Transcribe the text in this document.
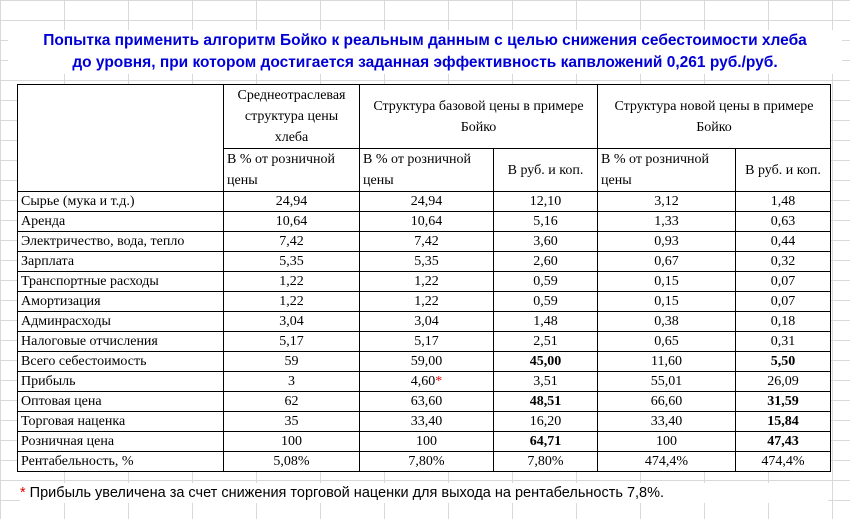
Попытка применить алгоритм Бойко к реальным данным с целью снижения себестоимости хлеба
до уровня, при котором достигается заданная эффективность капвложений 0,261 руб./руб.
	Среднеотраслевая структура цены хлеба	Структура базовой цены в примере Бойко		Структура новой цены в примере Бойко	
	В % от розничной цены	В % от розничной цены	В руб. и коп.	В % от розничной цены	В руб. и коп.
Сырье (мука и т.д.)	24,94	24,94	12,10	3,12	1,48
Аренда	10,64	10,64	5,16	1,33	0,63
Электричество, вода, тепло	7,42	7,42	3,60	0,93	0,44
Зарплата	5,35	5,35	2,60	0,67	0,32
Транспортные расходы	1,22	1,22	0,59	0,15	0,07
Амортизация	1,22	1,22	0,59	0,15	0,07
Админрасходы	3,04	3,04	1,48	0,38	0,18
Налоговые отчисления	5,17	5,17	2,51	0,65	0,31
Всего себестоимость	59	59,00	45,00	11,60	5,50
Прибыль	3	4,60*	3,51	55,01	26,09
Оптовая цена	62	63,60	48,51	66,60	31,59
Торговая наценка	35	33,40	16,20	33,40	15,84
Розничная цена	100	100	64,71	100	47,43
Рентабельность, %	5,08%	7,80%	7,80%	474,4%	474,4%
* Прибыль увеличена за счет снижения торговой наценки для выхода на рентабельность 7,8%.
